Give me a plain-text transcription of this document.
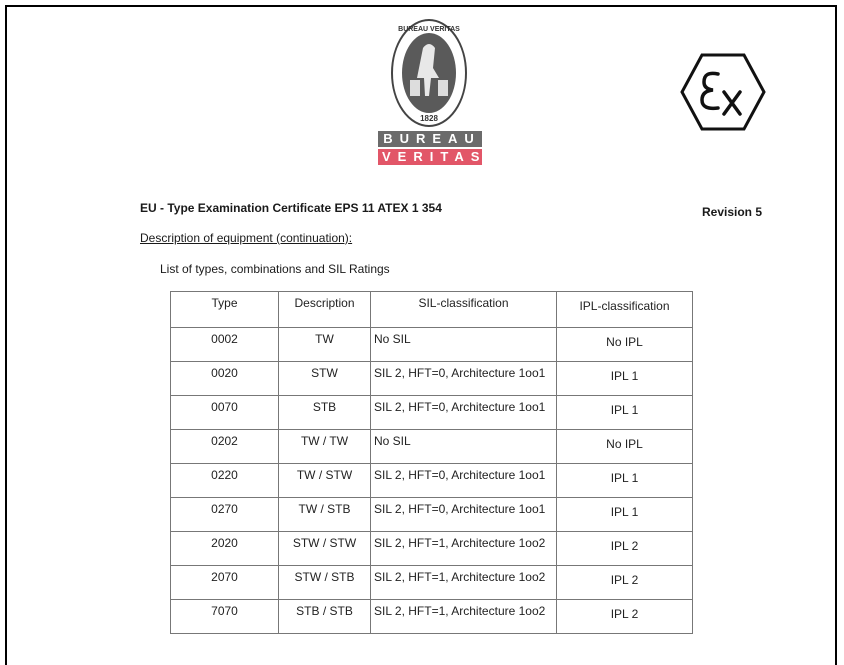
BUREAU VERITAS
1828
BUREAU
VERITAS
EU - Type Examination Certificate EPS 11 ATEX 1 354	Revision 5
Description of equipment (continuation):
List of types, combinations and SIL Ratings
Type	Description	SIL-classification	IPL-classification
0002	TW	No SIL	No IPL
0020	STW	SIL 2, HFT=0, Architecture 1oo1	IPL 1
0070	STB	SIL 2, HFT=0, Architecture 1oo1	IPL 1
0202	TW / TW	No SIL	No IPL
0220	TW / STW	SIL 2, HFT=0, Architecture 1oo1	IPL 1
0270	TW / STB	SIL 2, HFT=0, Architecture 1oo1	IPL 1
2020	STW / STW	SIL 2, HFT=1, Architecture 1oo2	IPL 2
2070	STW / STB	SIL 2, HFT=1, Architecture 1oo2	IPL 2
7070	STB / STB	SIL 2, HFT=1, Architecture 1oo2	IPL 2
